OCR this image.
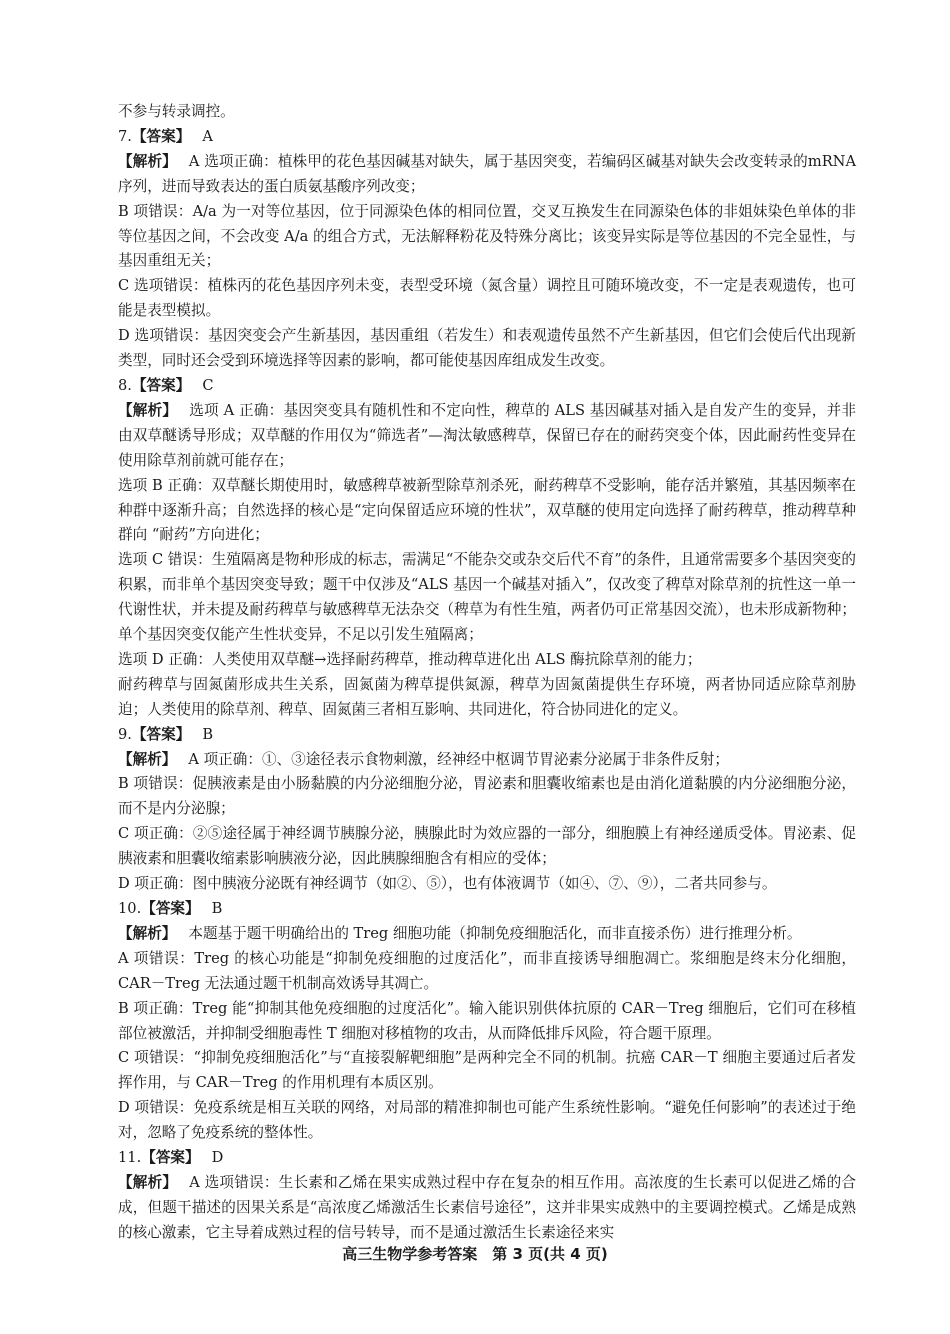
不参与转录调控。

7.【答案】 A

【解析】 A 选项正确：植株甲的花色基因碱基对缺失，属于基因突变，若编码区碱基对缺失会改变转录的mRNA 序列，进而导致表达的蛋白质氨基酸序列改变；

B 项错误：A/a 为一对等位基因，位于同源染色体的相同位置，交叉互换发生在同源染色体的非姐妹染色单体的非等位基因之间，不会改变 A/a 的组合方式，无法解释粉花及特殊分离比；该变异实际是等位基因的不完全显性，与基因重组无关；

C 选项错误：植株丙的花色基因序列未变，表型受环境（氮含量）调控且可随环境改变，不一定是表观遗传，也可能是表型模拟。

D 选项错误：基因突变会产生新基因，基因重组（若发生）和表观遗传虽然不产生新基因，但它们会使后代出现新类型，同时还会受到环境选择等因素的影响，都可能使基因库组成发生改变。

8.【答案】 C

【解析】 选项 A 正确：基因突变具有随机性和不定向性，稗草的 ALS 基因碱基对插入是自发产生的变异，并非由双草醚诱导形成；双草醚的作用仅为“筛选者”—淘汰敏感稗草，保留已存在的耐药突变个体，因此耐药性变异在使用除草剂前就可能存在；

选项 B 正确：双草醚长期使用时，敏感稗草被新型除草剂杀死，耐药稗草不受影响，能存活并繁殖，其基因频率在种群中逐渐升高；自然选择的核心是“定向保留适应环境的性状”，双草醚的使用定向选择了耐药稗草，推动稗草种群向 “耐药”方向进化；

选项 C 错误：生殖隔离是物种形成的标志，需满足“不能杂交或杂交后代不育”的条件，且通常需要多个基因突变的积累，而非单个基因突变导致；题干中仅涉及“ALS 基因一个碱基对插入”，仅改变了稗草对除草剂的抗性这一单一代谢性状，并未提及耐药稗草与敏感稗草无法杂交（稗草为有性生殖，两者仍可正常基因交流），也未形成新物种；单个基因突变仅能产生性状变异，不足以引发生殖隔离；

选项 D 正确：人类使用双草醚→选择耐药稗草，推动稗草进化出 ALS 酶抗除草剂的能力；

耐药稗草与固氮菌形成共生关系，固氮菌为稗草提供氮源，稗草为固氮菌提供生存环境，两者协同适应除草剂胁迫；人类使用的除草剂、稗草、固氮菌三者相互影响、共同进化，符合协同进化的定义。

9.【答案】 B

【解析】 A 项正确：①、③途径表示食物刺激，经神经中枢调节胃泌素分泌属于非条件反射；

B 项错误：促胰液素是由小肠黏膜的内分泌细胞分泌，胃泌素和胆囊收缩素也是由消化道黏膜的内分泌细胞分泌，而不是内分泌腺；

C 项正确：②⑤途径属于神经调节胰腺分泌，胰腺此时为效应器的一部分，细胞膜上有神经递质受体。胃泌素、促胰液素和胆囊收缩素影响胰液分泌，因此胰腺细胞含有相应的受体；

D 项正确：图中胰液分泌既有神经调节（如②、⑤），也有体液调节（如④、⑦、⑨），二者共同参与。

10.【答案】 B

【解析】 本题基于题干明确给出的 Treg 细胞功能（抑制免疫细胞活化，而非直接杀伤）进行推理分析。

A 项错误：Treg 的核心功能是“抑制免疫细胞的过度活化”，而非直接诱导细胞凋亡。浆细胞是终末分化细胞，CAR－Treg 无法通过题干机制高效诱导其凋亡。

B 项正确：Treg 能“抑制其他免疫细胞的过度活化”。输入能识别供体抗原的 CAR－Treg 细胞后，它们可在移植部位被激活，并抑制受细胞毒性 T 细胞对移植物的攻击，从而降低排斥风险，符合题干原理。

C 项错误：“抑制免疫细胞活化”与“直接裂解靶细胞”是两种完全不同的机制。抗癌 CAR－T 细胞主要通过后者发挥作用，与 CAR－Treg 的作用机理有本质区别。

D 项错误：免疫系统是相互关联的网络，对局部的精准抑制也可能产生系统性影响。“避免任何影响”的表述过于绝对，忽略了免疫系统的整体性。

11.【答案】 D

【解析】 A 选项错误：生长素和乙烯在果实成熟过程中存在复杂的相互作用。高浓度的生长素可以促进乙烯的合成，但题干描述的因果关系是“高浓度乙烯激活生长素信号途径”，这并非果实成熟中的主要调控模式。乙烯是成熟的核心激素，它主导着成熟过程的信号转导，而不是通过激活生长素途径来实

高三生物学参考答案　第 3 页(共 4 页)
